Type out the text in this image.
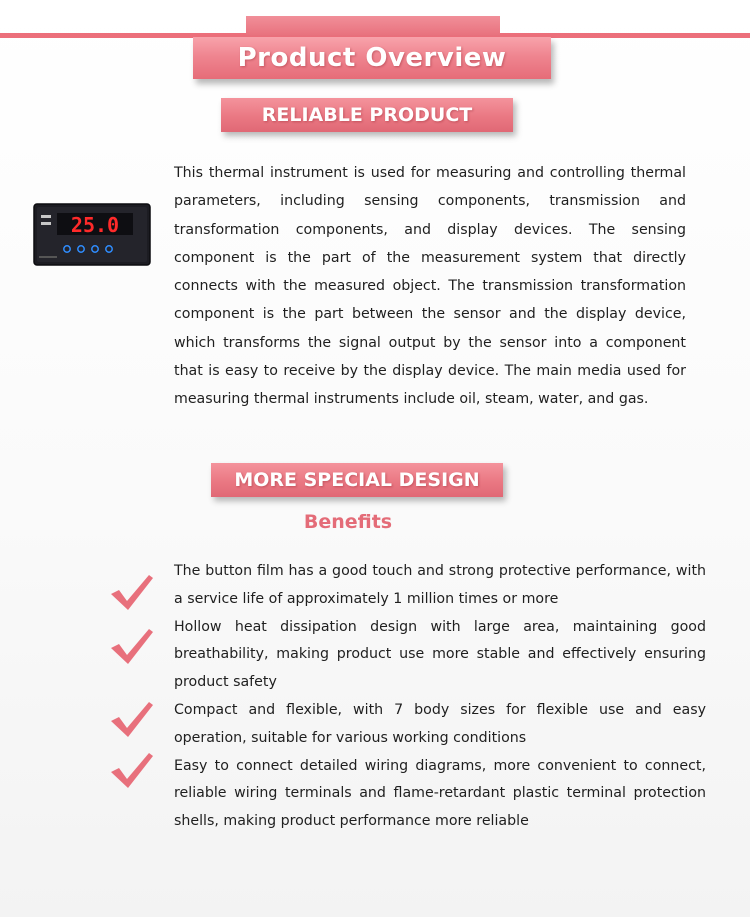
Product Overview
RELIABLE PRODUCT
25.0

This thermal instrument is used for measuring and controlling thermal parameters, including sensing components, transmission and transformation components, and display devices. The sensing component is the part of the measurement system that directly connects with the measured object. The transmission transformation component is the part between the sensor and the display device, which transforms the signal output by the sensor into a component that is easy to receive by the display device. The main media used for measuring thermal instruments include oil, steam, water, and gas.

MORE SPECIAL DESIGN
Benefits
The button film has a good touch and strong protective performance, with a service life of approximately 1 million times or more
Hollow heat dissipation design with large area, maintaining good breathability, making product use more stable and effectively ensuring product safety
Compact and flexible, with 7 body sizes for flexible use and easy operation, suitable for various working conditions
Easy to connect detailed wiring diagrams, more convenient to connect, reliable wiring terminals and flame-retardant plastic terminal protection shells, making product performance more reliable
